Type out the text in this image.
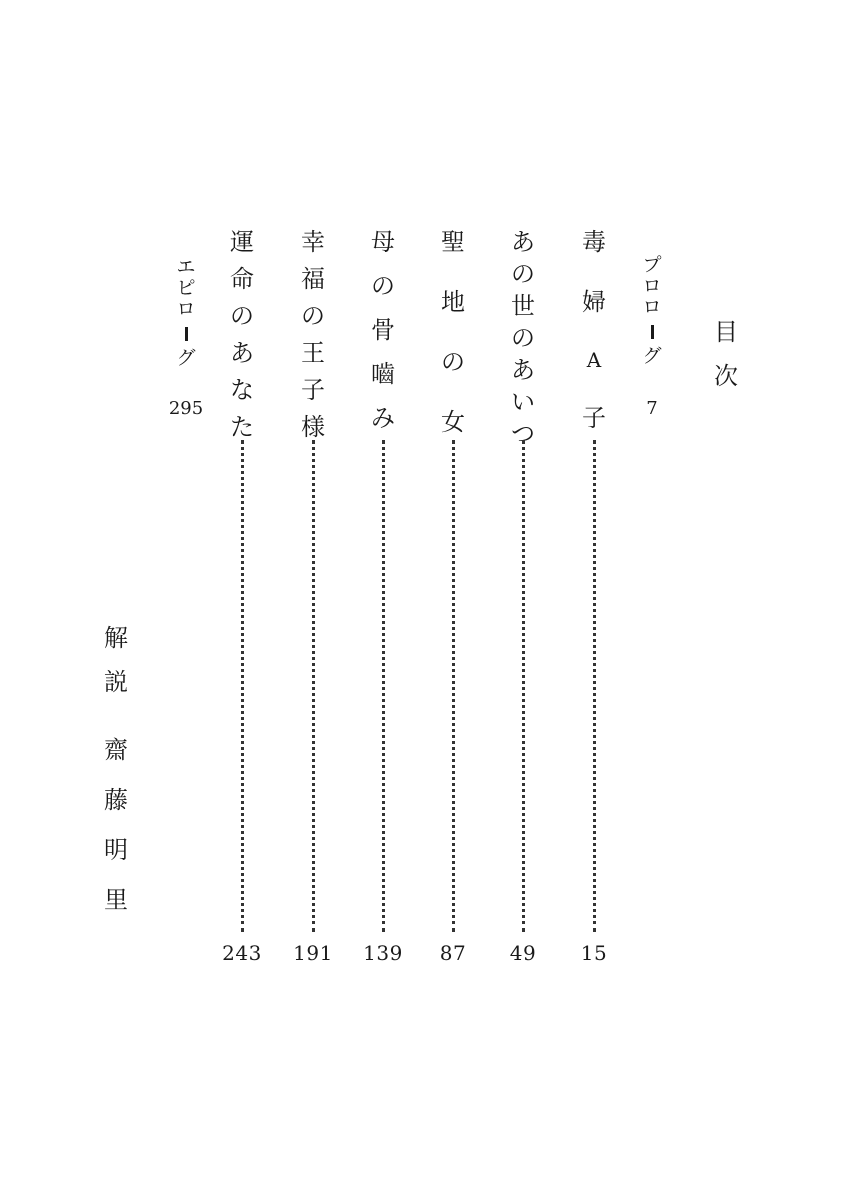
目
次
プ
ロ
ロ
グ
7
毒
婦
A
子
15
あ
の
世
の
あ
い
つ
49
聖
地
の
女
87
母
の
骨
嚙
み
139
幸
福
の
王
子
様
191
運
命
の
あ
な
た
243
エ
ピ
ロ
グ
295
解
説
齋
藤
明
里
